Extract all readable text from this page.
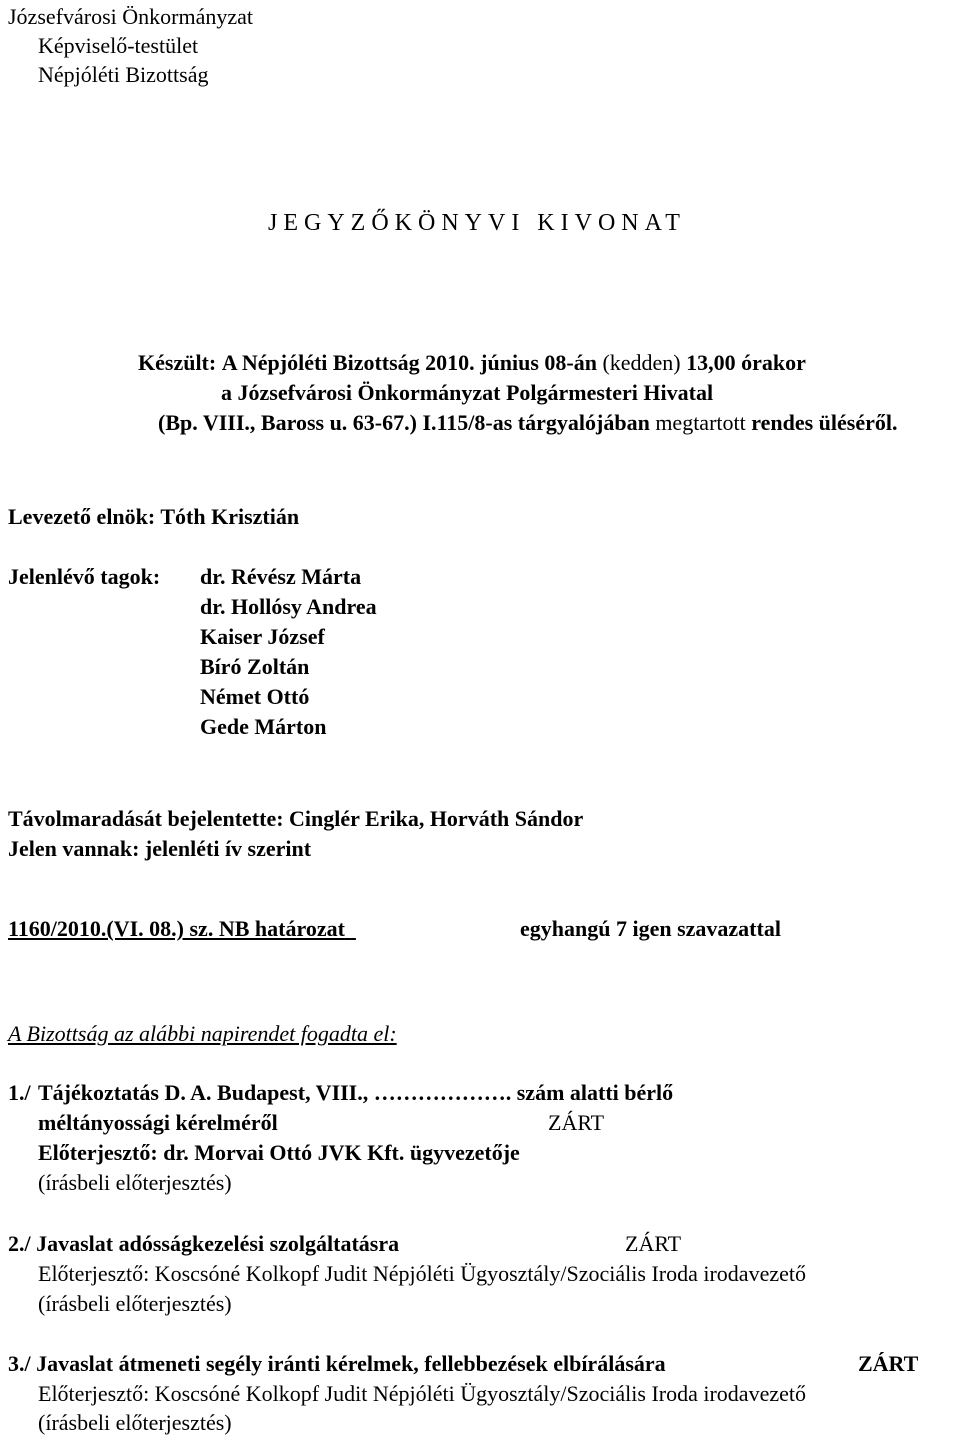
Józsefvárosi Önkormányzat
Képviselő-testület
Népjóléti Bizottság
JEGYZŐKÖNYVI KIVONAT
Készült: A Népjóléti Bizottság 2010. június 08-án (kedden) 13,00 órakor
a Józsefvárosi Önkormányzat Polgármesteri Hivatal
(Bp. VIII., Baross u. 63-67.) I.115/8-as tárgyalójában megtartott rendes üléséről.
Levezető elnök: Tóth Krisztián
Jelenlévő tagok: dr. Révész Márta
dr. Hollósy Andrea
Kaiser József
Bíró Zoltán
Német Ottó
Gede Márton
Távolmaradását bejelentette: Cinglér Erika, Horváth Sándor
Jelen vannak: jelenléti ív szerint
1160/2010.(VI. 08.) sz. NB határozat	egyhangú 7 igen szavazattal

A Bizottság az alábbi napirendet fogadta el:
1./ Tájékoztatás D. A. Budapest, VIII., ………………. szám alatti bérlő
méltányossági kérelméről	ZÁRT
Előterjesztő: dr. Morvai Ottó JVK Kft. ügyvezetője
(írásbeli előterjesztés)
2./ Javaslat adósságkezelési szolgáltatásra	ZÁRT
Előterjesztő: Koscsóné Kolkopf Judit Népjóléti Ügyosztály/Szociális Iroda irodavezető
(írásbeli előterjesztés)
3./ Javaslat átmeneti segély iránti kérelmek, fellebbezések elbírálására	ZÁRT
Előterjesztő: Koscsóné Kolkopf Judit Népjóléti Ügyosztály/Szociális Iroda irodavezető
(írásbeli előterjesztés)
